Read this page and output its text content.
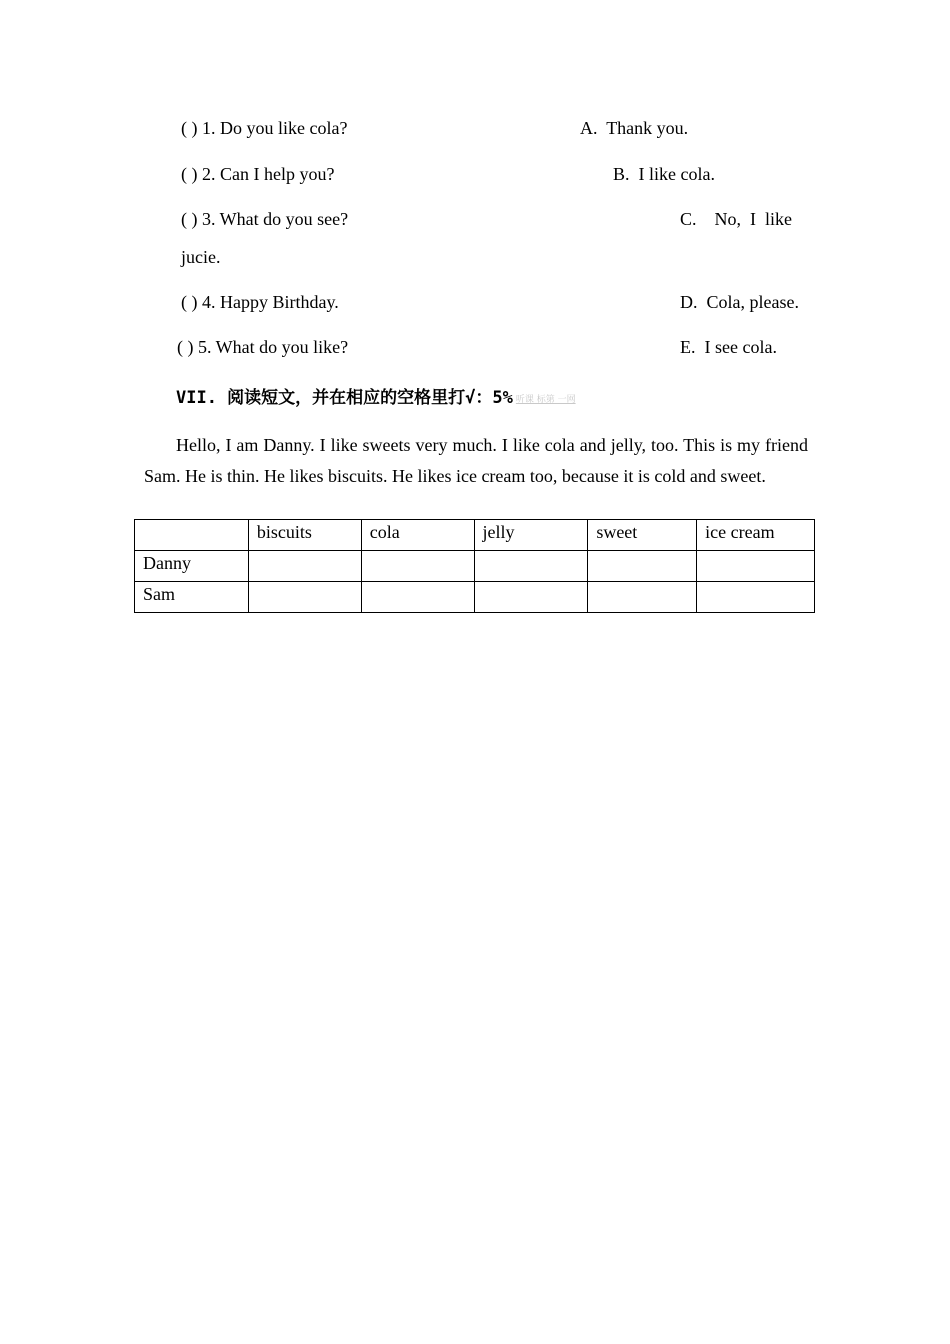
( ) 1. Do you like cola?	A. Thank you.
( ) 2. Can I help you?	B. I like cola.
( ) 3. What do you see?	C. No,  I  like
jucie.
( ) 4. Happy Birthday.	D. Cola, please.
( ) 5. What do you like?	E. I see cola.
VII. 阅读短文，并在相应的空格里打√：5% 听课 标第 一网
Hello, I am Danny. I like sweets very much. I like cola and jelly, too. This is my friend Sam. He is thin. He likes biscuits. He likes ice cream too, because it is cold and sweet.
	biscuits	cola	jelly	sweet	ice cream
Danny					
Sam					
